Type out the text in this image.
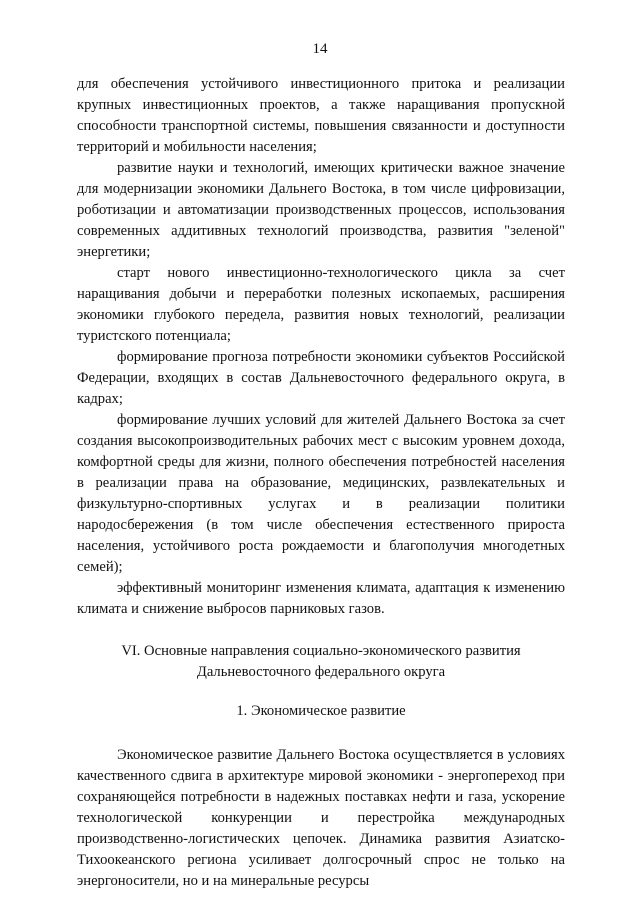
14

для обеспечения устойчивого инвестиционного притока и реализации крупных инвестиционных проектов, а также наращивания пропускной способности транспортной системы, повышения связанности и доступности территорий и мобильности населения;

развитие науки и технологий, имеющих критически важное значение для модернизации экономики Дальнего Востока, в том числе цифровизации, роботизации и автоматизации производственных процессов, использования современных аддитивных технологий производства, развития "зеленой" энергетики;

старт нового инвестиционно-технологического цикла за счет наращивания добычи и переработки полезных ископаемых, расширения экономики глубокого передела, развития новых технологий, реализации туристского потенциала;

формирование прогноза потребности экономики субъектов Российской Федерации, входящих в состав Дальневосточного федерального округа, в кадрах;

формирование лучших условий для жителей Дальнего Востока за счет создания высокопроизводительных рабочих мест с высоким уровнем дохода, комфортной среды для жизни, полного обеспечения потребностей населения в реализации права на образование, медицинских, развлекательных и физкультурно-спортивных услугах и в реализации политики народосбережения (в том числе обеспечения естественного прироста населения, устойчивого роста рождаемости и благополучия многодетных семей);

эффективный мониторинг изменения климата, адаптация к изменению климата и снижение выбросов парниковых газов.

VI. Основные направления социально-экономического развития
Дальневосточного федерального округа
1. Экономическое развитие

Экономическое развитие Дальнего Востока осуществляется в условиях качественного сдвига в архитектуре мировой экономики - энергопереход при сохраняющейся потребности в надежных поставках нефти и газа, ускорение технологической конкуренции и перестройка международных производственно-логистических цепочек. Динамика развития Азиатско-Тихоокеанского региона усиливает долгосрочный спрос не только на энергоносители, но и на минеральные ресурсы
